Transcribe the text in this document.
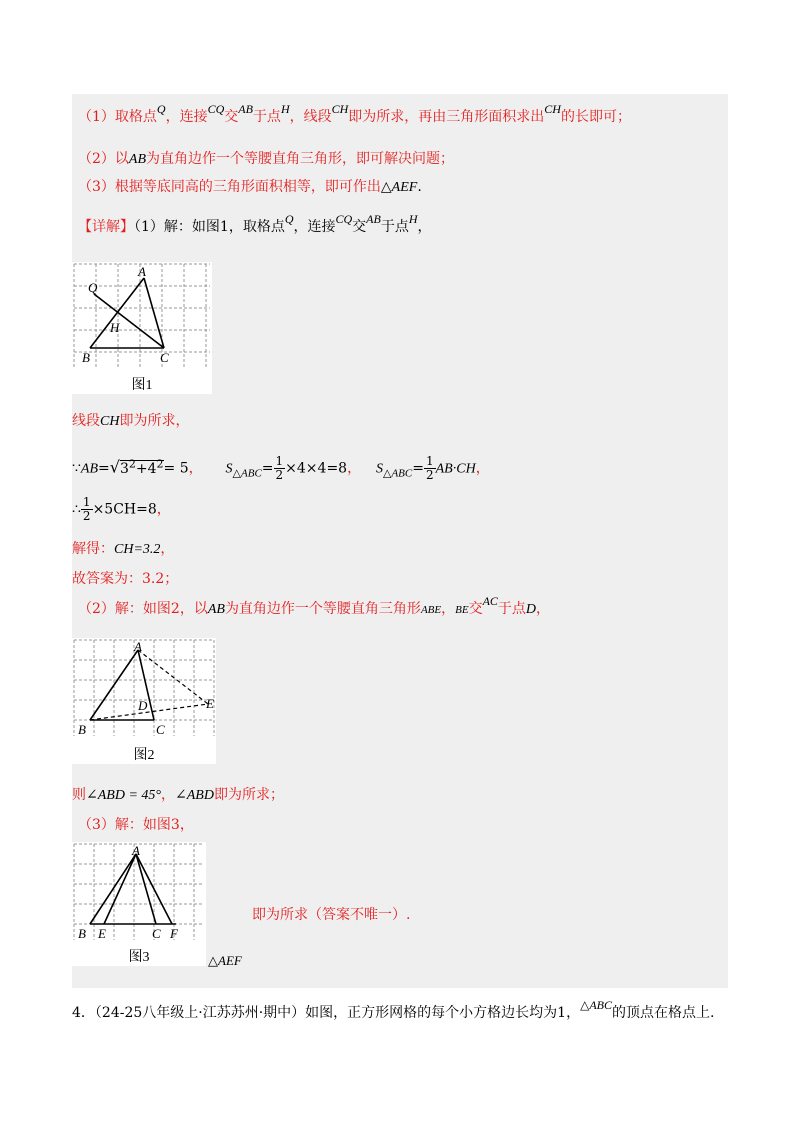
（1）取格点Q，连接CQ交AB于点H，线段CH即为所求，再由三角形面积求出CH的长即可；
（2）以AB为直角边作一个等腰直角三角形，即可解决问题；
（3）根据等底同高的三角形面积相等，即可作出△AEF.
【详解】（1）解：如图1，取格点Q，连接CQ交AB于点H，
A
Q
H
B	C
图1
线段CH即为所求，
$\because AB=√3^2+4^2= 5$， $S_{\triangle ABC}= \frac{1}{2} \times 4\times 4=8$， $S_{\triangle ABC}= \frac{1}{2} AB\cdot CH$，
∴ $\frac{1}{2} \times 5CH=8$，
解得：CH=3.2，
故答案为：3.2；
（2）解：如图2，以AB为直角边作一个等腰直角三角形ABE，BE交AC于点D，
A
D	E
B	C
图2
则∠ABD = 45°，∠ABD即为所求；
（3）解：如图3，
A
B E	C F
图3
即为所求（答案不唯一）.
△AEF
4．（24-25八年级上·江苏苏州·期中）如图，正方形网格的每个小方格边长均为1，△ABC的顶点在格点上.
